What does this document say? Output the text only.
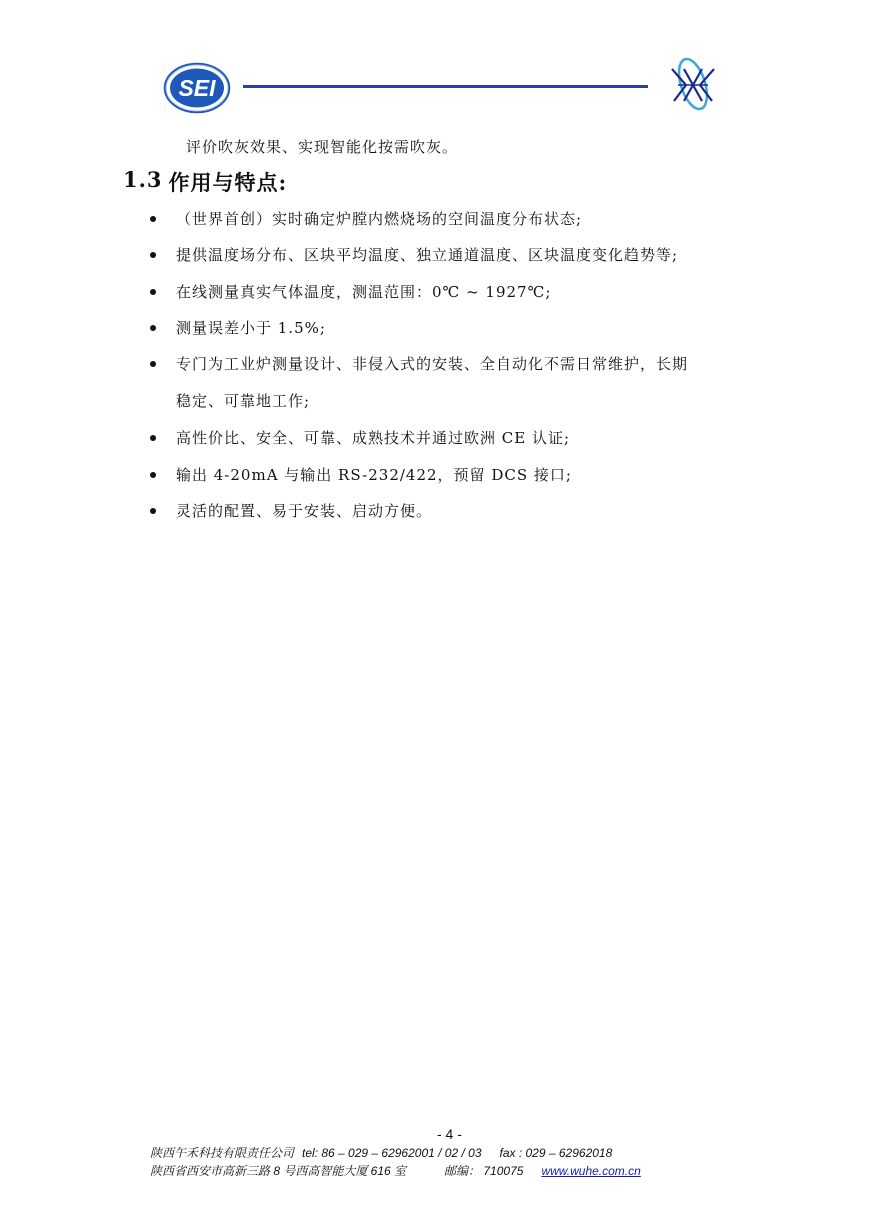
SEI
评价吹灰效果、实现智能化按需吹灰。
1.3 作用与特点:
（世界首创）实时确定炉膛内燃烧场的空间温度分布状态;
提供温度场分布、区块平均温度、独立通道温度、区块温度变化趋势等;
在线测量真实气体温度，测温范围：0℃ ~ 1927℃;
测量误差小于 1.5%;
专门为工业炉测量设计、非侵入式的安装、全自动化不需日常维护，长期
稳定、可靠地工作;
高性价比、安全、可靠、成熟技术并通过欧洲 CE 认证;
输出 4-20mA 与输出 RS-232/422，预留 DCS 接口;
灵活的配置、易于安装、启动方便。
- 4 -
陕西午禾科技有限责任公司 tel: 86 – 029 – 62962001 / 02 / 03 fax : 029 – 62962018
陕西省西安市高新三路 8 号西高智能大厦 616 室	邮编： 710075 www.wuhe.com.cn
